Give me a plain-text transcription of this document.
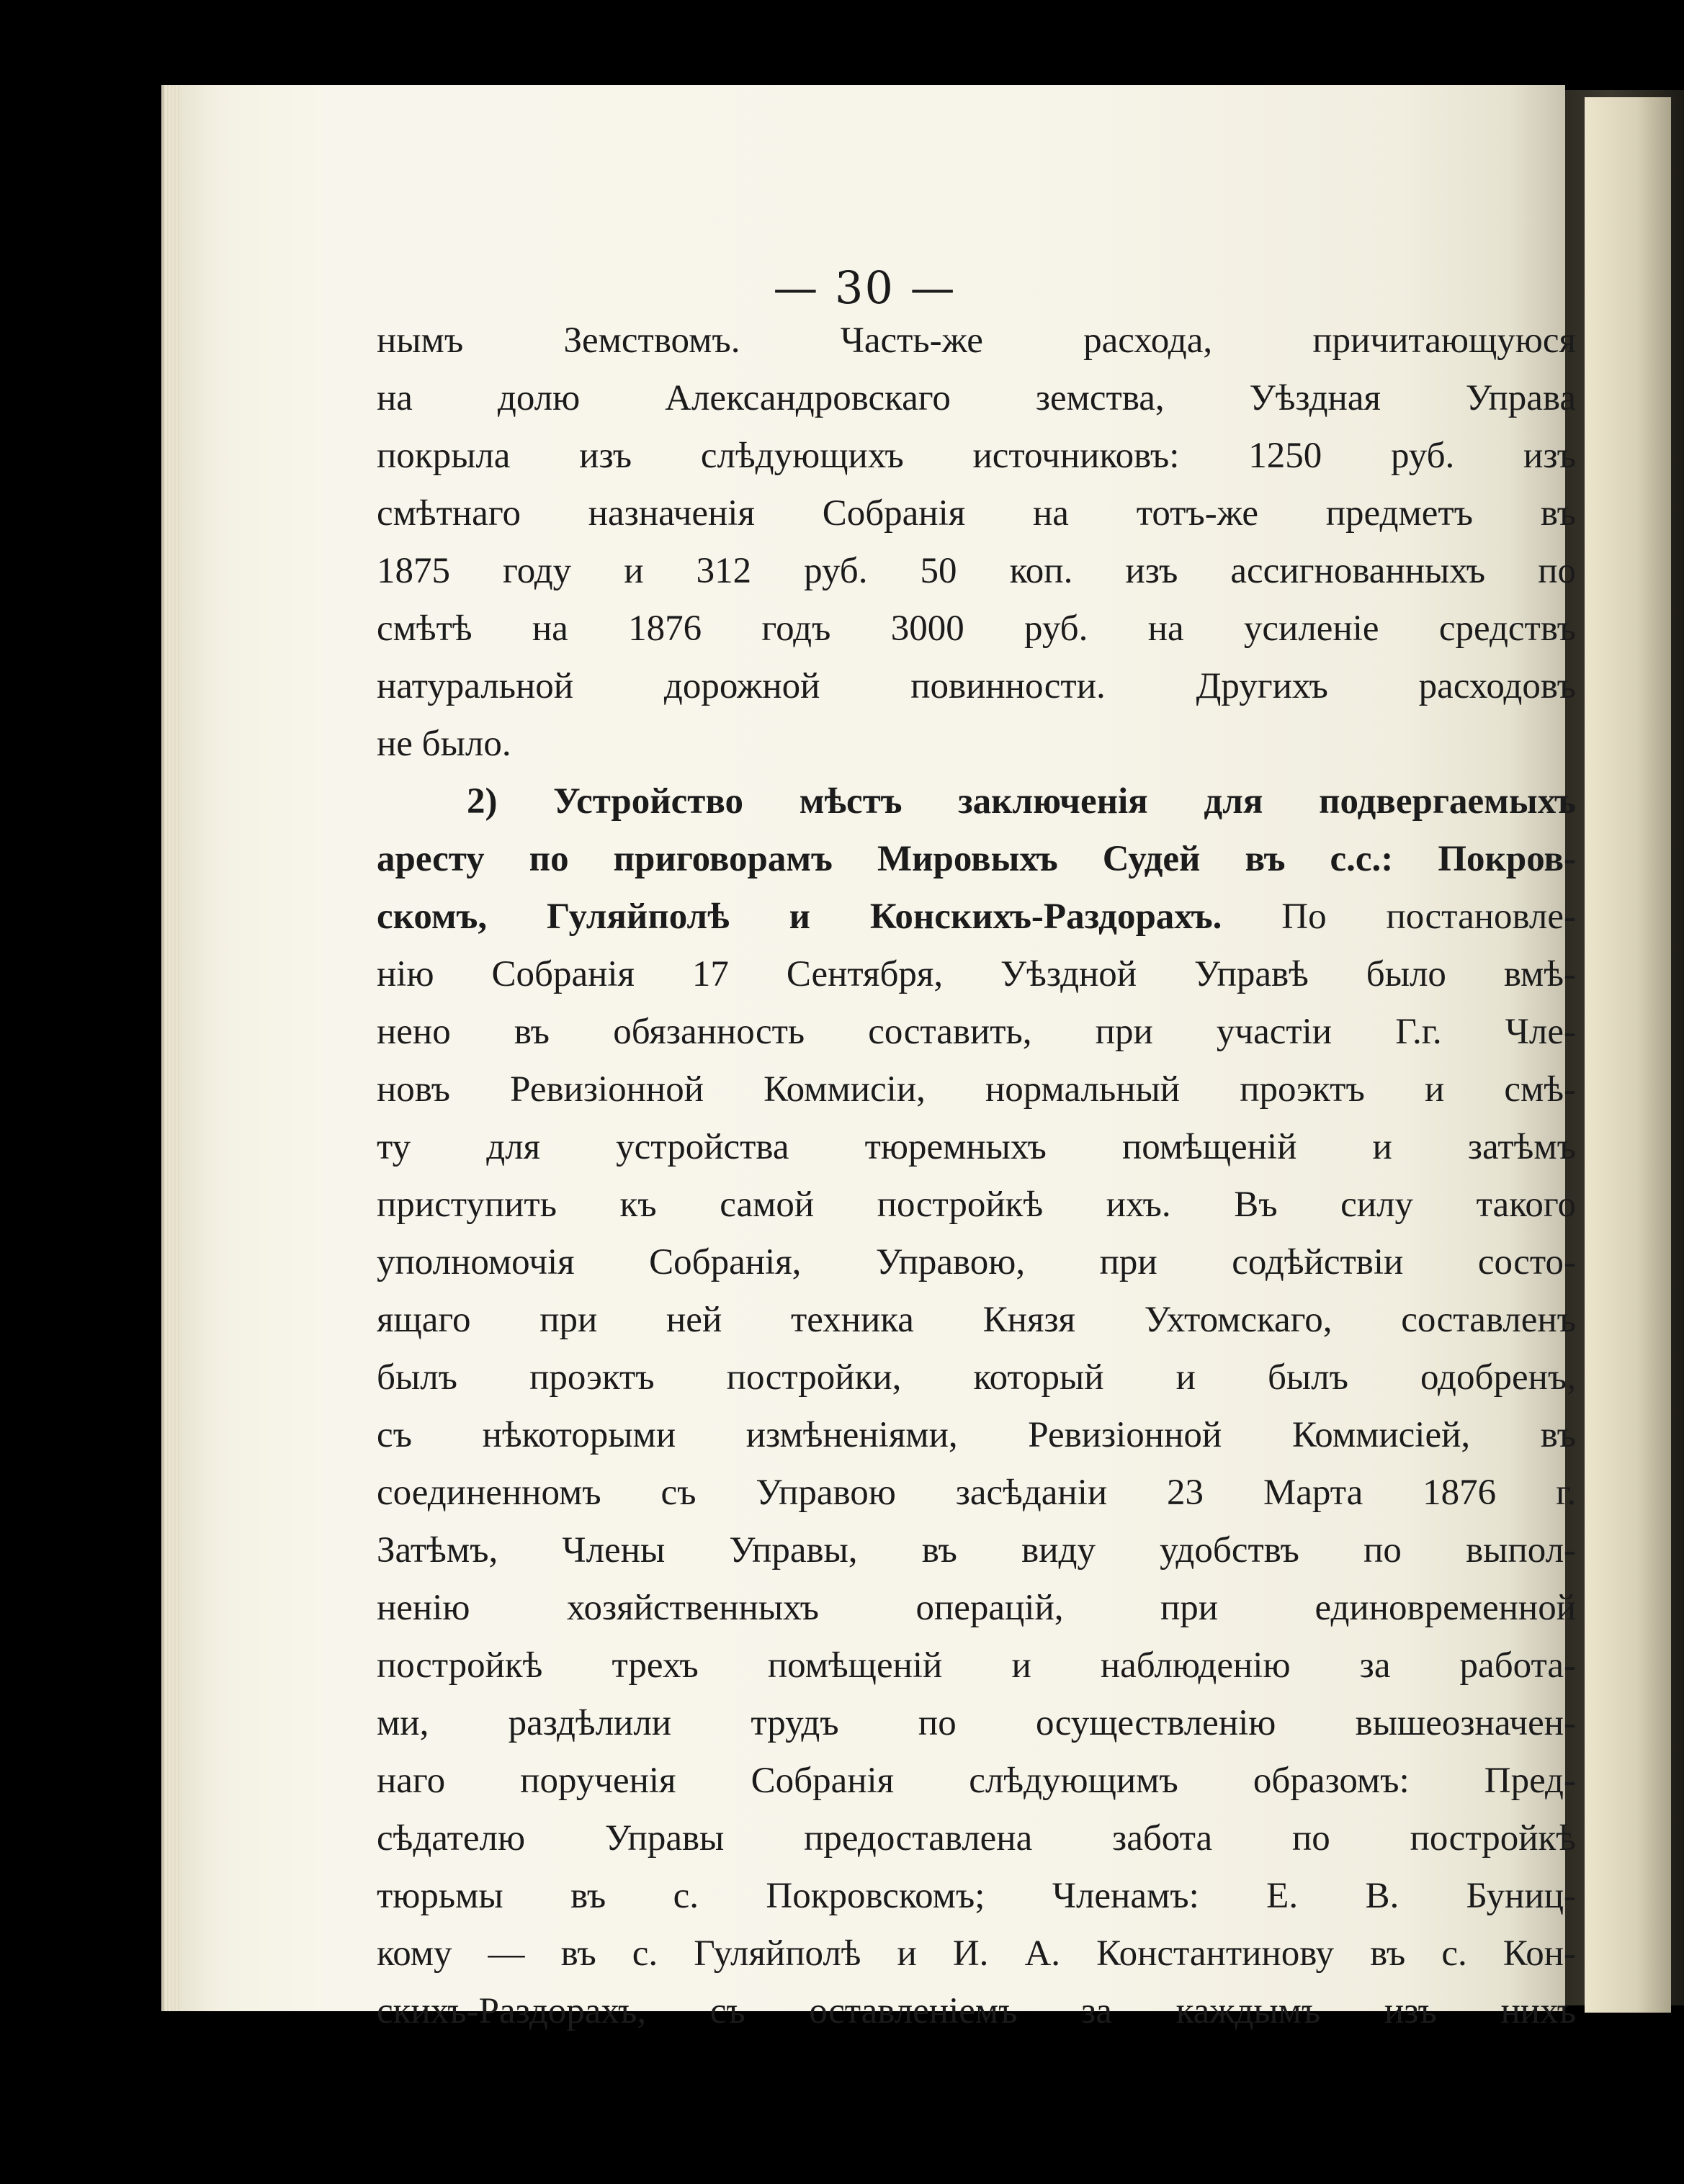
— 30 —
нымъ Земствомъ. Часть-же расхода, причитающуюся
на долю Александровскаго земства, Уѣздная Управа
покрыла изъ слѣдующихъ источниковъ: 1250 руб. изъ
смѣтнаго назначенія Собранія на тотъ-же предметъ въ
1875 году и 312 руб. 50 коп. изъ ассигнованныхъ по
смѣтѣ на 1876 годъ 3000 руб. на усиленіе средствъ
натуральной дорожной повинности. Другихъ расходовъ
не было.
2) Устройство мѣстъ заключенія для подвергаемыхъ
аресту по приговорамъ Мировыхъ Судей въ с.с.: Покров-
скомъ, Гуляйполѣ и Конскихъ-Раздорахъ. По постановле-
нію Собранія 17 Сентября, Уѣздной Управѣ было вмѣ-
нено въ обязанность составить, при участіи Г.г. Чле-
новъ Ревизіонной Коммисіи, нормальный проэктъ и смѣ-
ту для устройства тюремныхъ помѣщеній и затѣмъ
приступить къ самой постройкѣ ихъ. Въ силу такого
уполномочія Собранія, Управою, при содѣйствіи состо-
ящаго при ней техника Князя Ухтомскаго, составленъ
былъ проэктъ постройки, который и былъ одобренъ,
съ нѣкоторыми измѣненіями, Ревизіонной Коммисіей, въ
соединенномъ съ Управою засѣданіи 23 Марта 1876 г.
Затѣмъ, Члены Управы, въ виду удобствъ по выпол-
ненію хозяйственныхъ операцій, при единовременной
постройкѣ трехъ помѣщеній и наблюденію за работа-
ми, раздѣлили трудъ по осуществленію вышеозначен-
наго порученія Собранія слѣдующимъ образомъ: Пред-
сѣдателю Управы предоставлена забота по постройкѣ
тюрьмы въ с. Покровскомъ; Членамъ: Е. В. Буниц-
кому — въ с. Гуляйполѣ и И. А. Константинову въ с. Кон-
скихъ-Раздорахъ, съ оставленіемъ за каждымъ изъ нихъ
